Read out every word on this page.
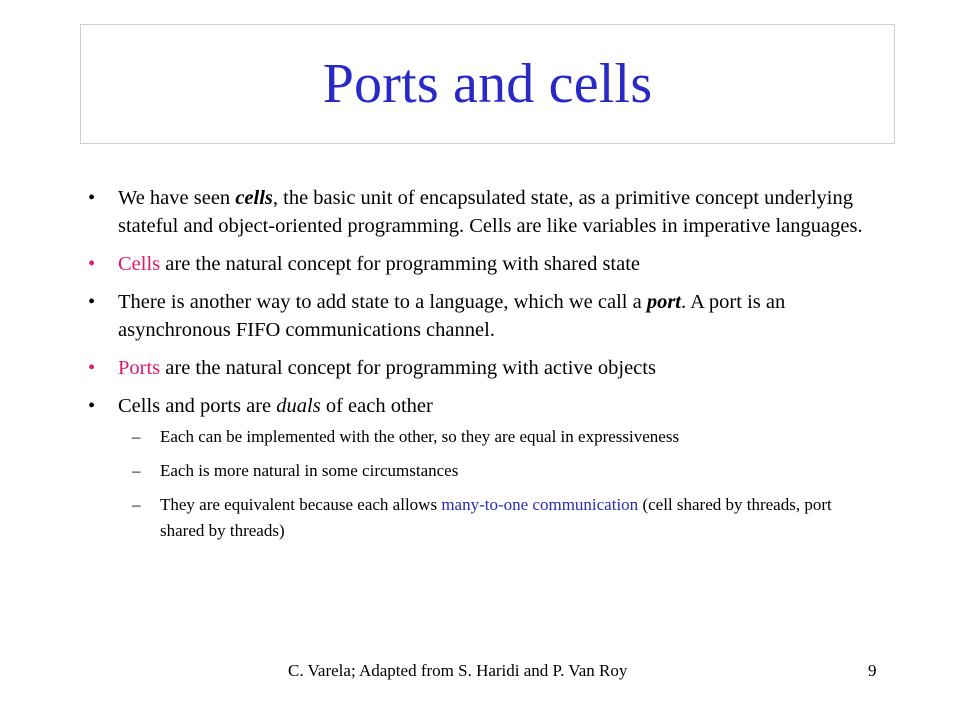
Ports and cells
• We have seen cells, the basic unit of encapsulated state, as a primitive concept underlying stateful and object-oriented programming. Cells are like variables in imperative languages.
• Cells are the natural concept for programming with shared state
• There is another way to add state to a language, which we call a port. A port is an asynchronous FIFO communications channel.
• Ports are the natural concept for programming with active objects
• Cells and ports are duals of each other
– Each can be implemented with the other, so they are equal in expressiveness
– Each is more natural in some circumstances
– They are equivalent because each allows many-to-one communication (cell shared by threads, port shared by threads)
C. Varela; Adapted from S. Haridi and P. Van Roy	9
